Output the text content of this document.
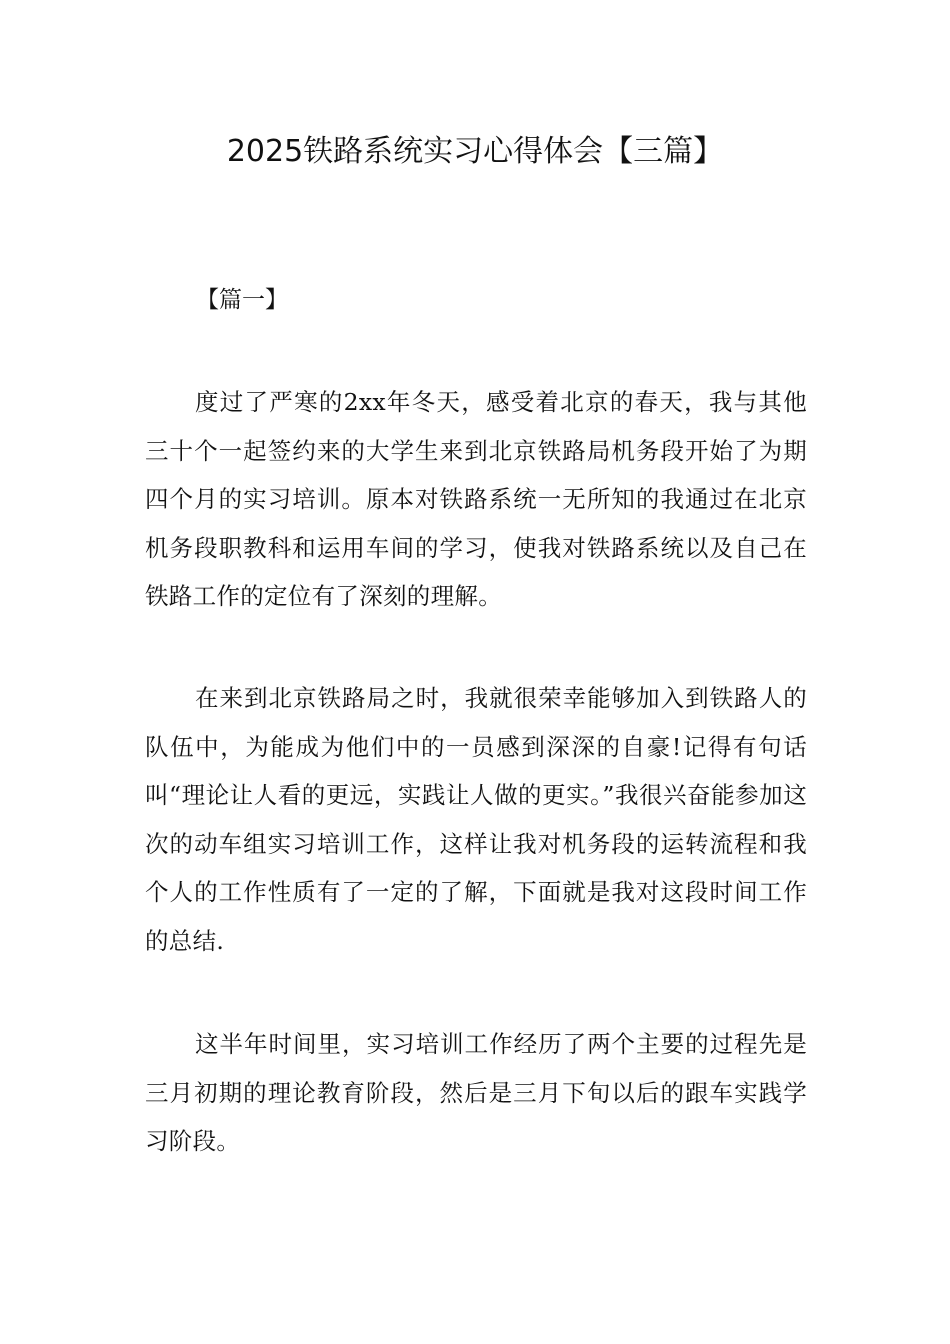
2025铁路系统实习心得体会【三篇】
【篇一】

度过了严寒的2xx年冬天，感受着北京的春天，我与其他三十个一起签约来的大学生来到北京铁路局机务段开始了为期四个月的实习培训。原本对铁路系统一无所知的我通过在北京机务段职教科和运用车间的学习，使我对铁路系统以及自己在铁路工作的定位有了深刻的理解。

在来到北京铁路局之时，我就很荣幸能够加入到铁路人的队伍中，为能成为他们中的一员感到深深的自豪!记得有句话叫“理论让人看的更远，实践让人做的更实。”我很兴奋能参加这次的动车组实习培训工作，这样让我对机务段的运转流程和我个人的工作性质有了一定的了解，下面就是我对这段时间工作的总结.

这半年时间里，实习培训工作经历了两个主要的过程先是三月初期的理论教育阶段，然后是三月下旬以后的跟车实践学习阶段。
